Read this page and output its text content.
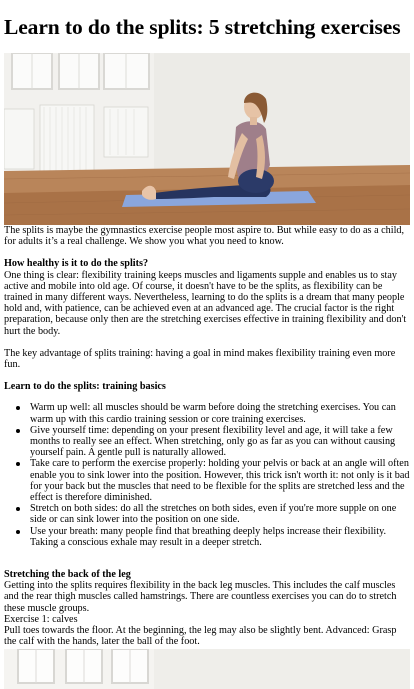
Learn to do the splits: 5 stretching exercises

The splits is maybe the gymnastics exercise people most aspire to. But while easy to do as a child, for adults it’s a real challenge. We show you what you need to know.

How healthy is it to do the splits?

One thing is clear: flexibility training keeps muscles and ligaments supple and enables us to stay active and mobile into old age. Of course, it doesn't have to be the splits, as flexibility can be trained in many different ways. Nevertheless, learning to do the splits is a dream that many people hold and, with patience, can be achieved even at an advanced age. The crucial factor is the right preparation, because only then are the stretching exercises effective in training flexibility and don't hurt the body.

The key advantage of splits training: having a goal in mind makes flexibility training even more fun.

Learn to do the splits: training basics

Warm up well: all muscles should be warm before doing the stretching exercises. You can warm up with this cardio training session or core training exercises.
Give yourself time: depending on your present flexibility level and age, it will take a few months to really see an effect. When stretching, only go as far as you can without causing yourself pain. A gentle pull is naturally allowed.
Take care to perform the exercise properly: holding your pelvis or back at an angle will often enable you to sink lower into the position. However, this trick isn't worth it: not only is it bad for your back but the muscles that need to be flexible for the splits are stretched less and the effect is therefore diminished.
Stretch on both sides: do all the stretches on both sides, even if you're more supple on one side or can sink lower into the position on one side.
Use your breath: many people find that breathing deeply helps increase their flexibility. Taking a conscious exhale may result in a deeper stretch.

Stretching the back of the leg

Getting into the splits requires flexibility in the back leg muscles. This includes the calf muscles and the rear thigh muscles called hamstrings. There are countless exercises you can do to stretch these muscle groups.

Exercise 1: calves

Pull toes towards the floor. At the beginning, the leg may also be slightly bent. Advanced: Grasp the calf with the hands, later the ball of the foot.
